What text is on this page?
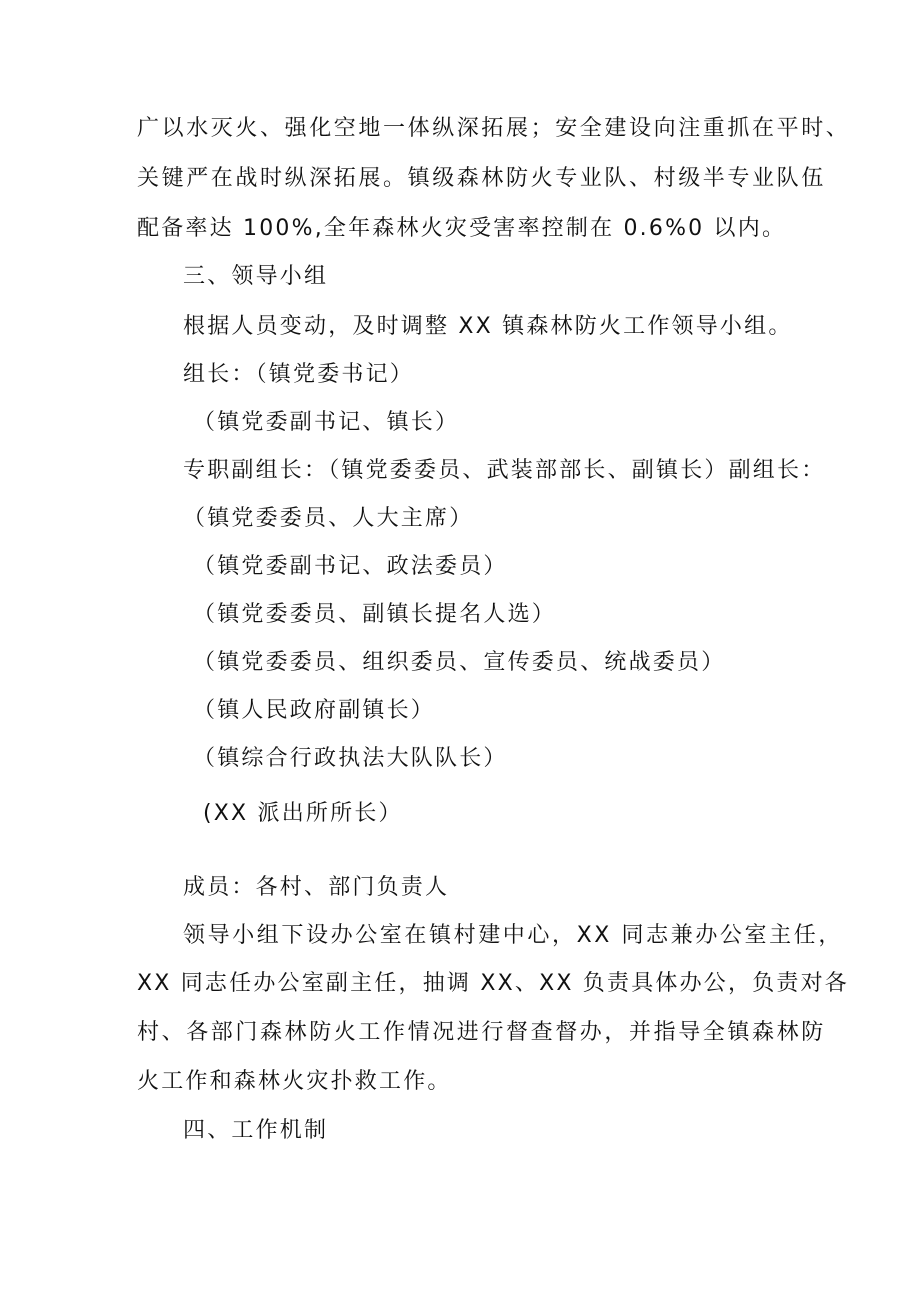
广以水灭火、强化空地一体纵深拓展；安全建设向注重抓在平时、
关键严在战时纵深拓展。镇级森林防火专业队、村级半专业队伍
配备率达 100%,全年森林火灾受害率控制在 0.6%0 以内。
三、领导小组
根据人员变动，及时调整 XX 镇森林防火工作领导小组。
组长：（镇党委书记）
（镇党委副书记、镇长）
专职副组长：（镇党委委员、武装部部长、副镇长）副组长：
（镇党委委员、人大主席）
（镇党委副书记、政法委员）
（镇党委委员、副镇长提名人选）
（镇党委委员、组织委员、宣传委员、统战委员）
（镇人民政府副镇长）
（镇综合行政执法大队队长）
(XX 派出所所长）
成员：各村、部门负责人
领导小组下设办公室在镇村建中心，XX 同志兼办公室主任，
XX 同志任办公室副主任，抽调 XX、XX 负责具体办公，负责对各
村、各部门森林防火工作情况进行督查督办，并指导全镇森林防
火工作和森林火灾扑救工作。
四、工作机制
